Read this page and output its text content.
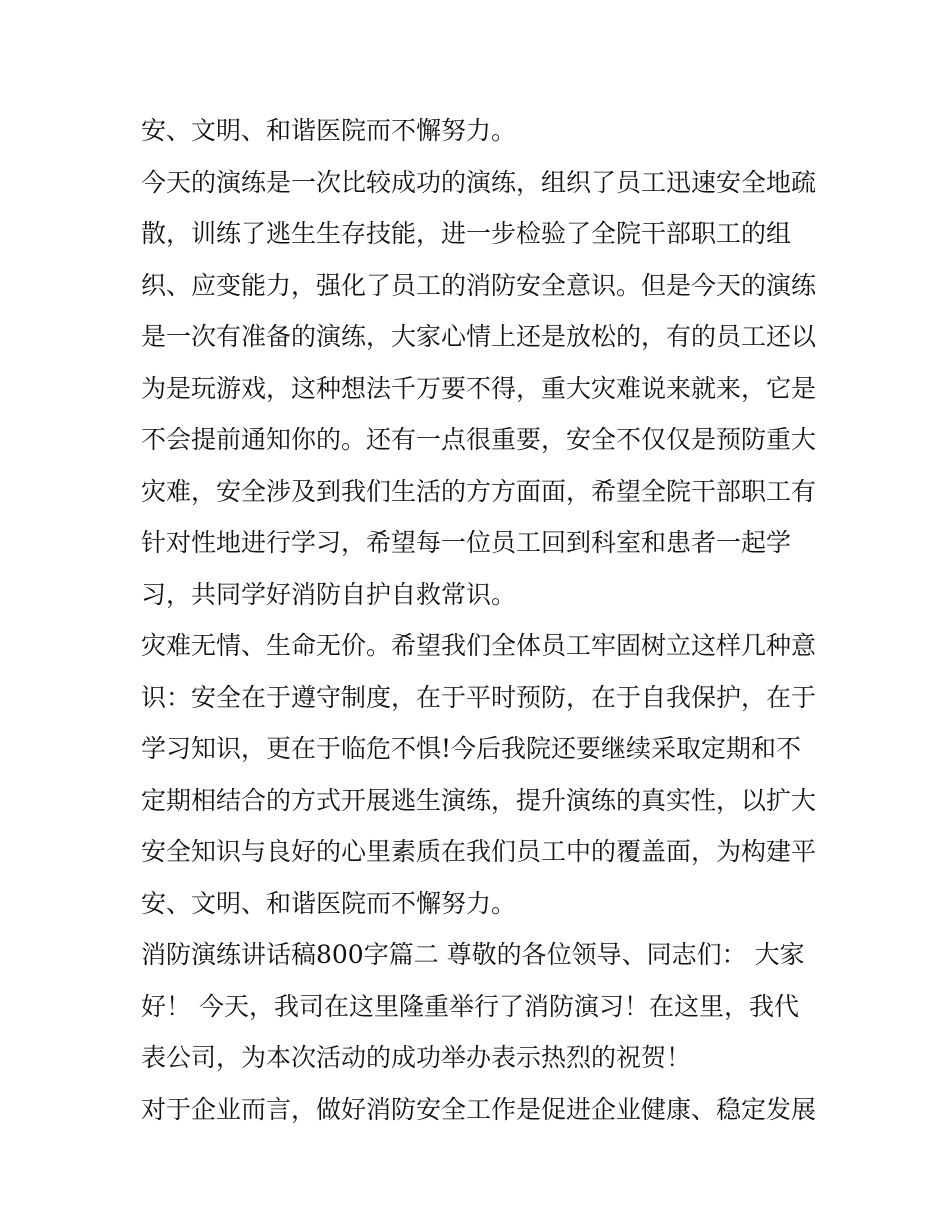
安、文明、和谐医院而不懈努力。
今天的演练是一次比较成功的演练，组织了员工迅速安全地疏
散，训练了逃生生存技能，进一步检验了全院干部职工的组
织、应变能力，强化了员工的消防安全意识。但是今天的演练
是一次有准备的演练，大家心情上还是放松的，有的员工还以
为是玩游戏，这种想法千万要不得，重大灾难说来就来，它是
不会提前通知你的。还有一点很重要，安全不仅仅是预防重大
灾难，安全涉及到我们生活的方方面面，希望全院干部职工有
针对性地进行学习，希望每一位员工回到科室和患者一起学
习，共同学好消防自护自救常识。
灾难无情、生命无价。希望我们全体员工牢固树立这样几种意
识：安全在于遵守制度，在于平时预防，在于自我保护，在于
学习知识，更在于临危不惧!今后我院还要继续采取定期和不
定期相结合的方式开展逃生演练，提升演练的真实性，以扩大
安全知识与良好的心里素质在我们员工中的覆盖面，为构建平
安、文明、和谐医院而不懈努力。
消防演练讲话稿800字篇二 尊敬的各位领导、同志们： 大家
好！ 今天，我司在这里隆重举行了消防演习！在这里，我代
表公司，为本次活动的成功举办表示热烈的祝贺！
对于企业而言，做好消防安全工作是促进企业健康、稳定发展
